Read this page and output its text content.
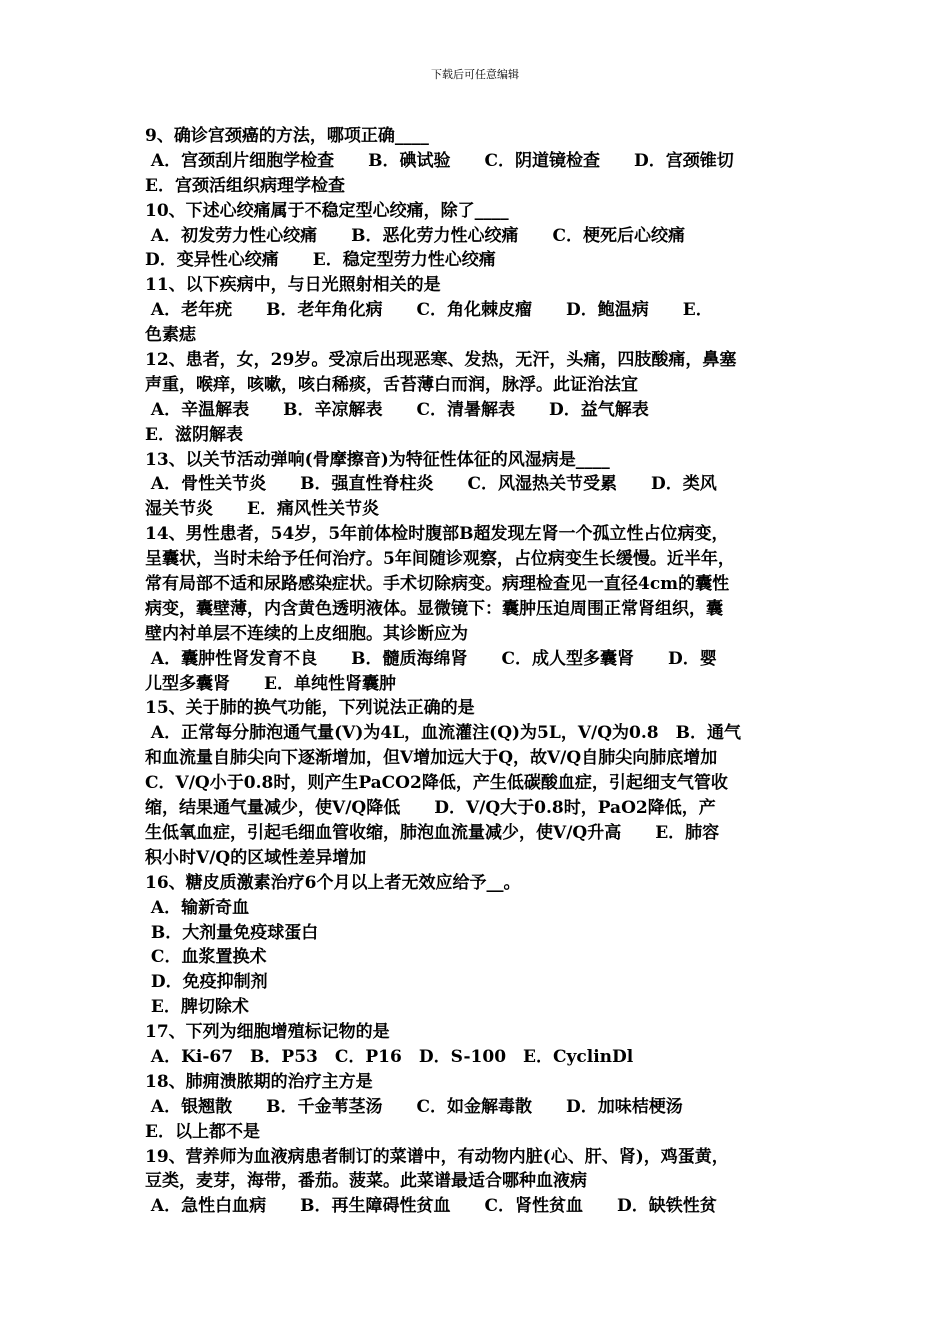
下载后可任意编辑
9、确诊宫颈癌的方法，哪项正确____
A．宫颈刮片细胞学检查　　B．碘试验　　C．阴道镜检查　　D．宫颈锥切
E．宫颈活组织病理学检查
10、下述心绞痛属于不稳定型心绞痛，除了____
A．初发劳力性心绞痛　　B．恶化劳力性心绞痛　　C．梗死后心绞痛
D．变异性心绞痛　　E．稳定型劳力性心绞痛
11、以下疾病中，与日光照射相关的是
A．老年疣　　B．老年角化病　　C．角化棘皮瘤　　D．鲍温病　　E．
色素痣
12、患者，女，29岁。受凉后出现恶寒、发热，无汗，头痛，四肢酸痛，鼻塞
声重，喉痒，咳嗽，咳白稀痰，舌苔薄白而润，脉浮。此证治法宜
A．辛温解表　　B．辛凉解表　　C．清暑解表　　D．益气解表
E．滋阴解表
13、以关节活动弹响(骨摩擦音)为特征性体征的风湿病是____
A．骨性关节炎　　B．强直性脊柱炎　　C．风湿热关节受累　　D．类风
湿关节炎　　E．痛风性关节炎
14、男性患者，54岁，5年前体检时腹部B超发现左肾一个孤立性占位病变，
呈囊状，当时未给予任何治疗。5年间随诊观察，占位病变生长缓慢。近半年，
常有局部不适和尿路感染症状。手术切除病变。病理检查见一直径4cm的囊性
病变，囊壁薄，内含黄色透明液体。显微镜下：囊肿压迫周围正常肾组织，囊
壁内衬单层不连续的上皮细胞。其诊断应为
A．囊肿性肾发育不良　　B．髓质海绵肾　　C．成人型多囊肾　　D．婴
儿型多囊肾　　E．单纯性肾囊肿
15、关于肺的换气功能，下列说法正确的是
A．正常每分肺泡通气量(V)为4L，血流灌注(Q)为5L，V/Q为0.8　B．通气
和血流量自肺尖向下逐渐增加，但V增加远大于Q，故V/Q自肺尖向肺底增加
C．V/Q小于0.8时，则产生PaCO2降低，产生低碳酸血症，引起细支气管收
缩，结果通气量减少，使V/Q降低　　D．V/Q大于0.8时，PaO2降低，产
生低氧血症，引起毛细血管收缩，肺泡血流量减少，使V/Q升高　　E．肺容
积小时V/Q的区域性差异增加
16、糖皮质激素治疗6个月以上者无效应给予__。
A．输新奇血
B．大剂量免疫球蛋白
C．血浆置换术
D．免疫抑制剂
E．脾切除术
17、下列为细胞增殖标记物的是
A．Ki-67　B．P53　C．P16　D．S-100　E．CyclinDl
18、肺痈溃脓期的治疗主方是
A．银翘散　　B．千金苇茎汤　　C．如金解毒散　　D．加味桔梗汤
E．以上都不是
19、营养师为血液病患者制订的菜谱中，有动物内脏(心、肝、肾)，鸡蛋黄，
豆类，麦芽，海带，番茄。菠菜。此菜谱最适合哪种血液病
A．急性白血病　　B．再生障碍性贫血　　C．肾性贫血　　D．缺铁性贫
